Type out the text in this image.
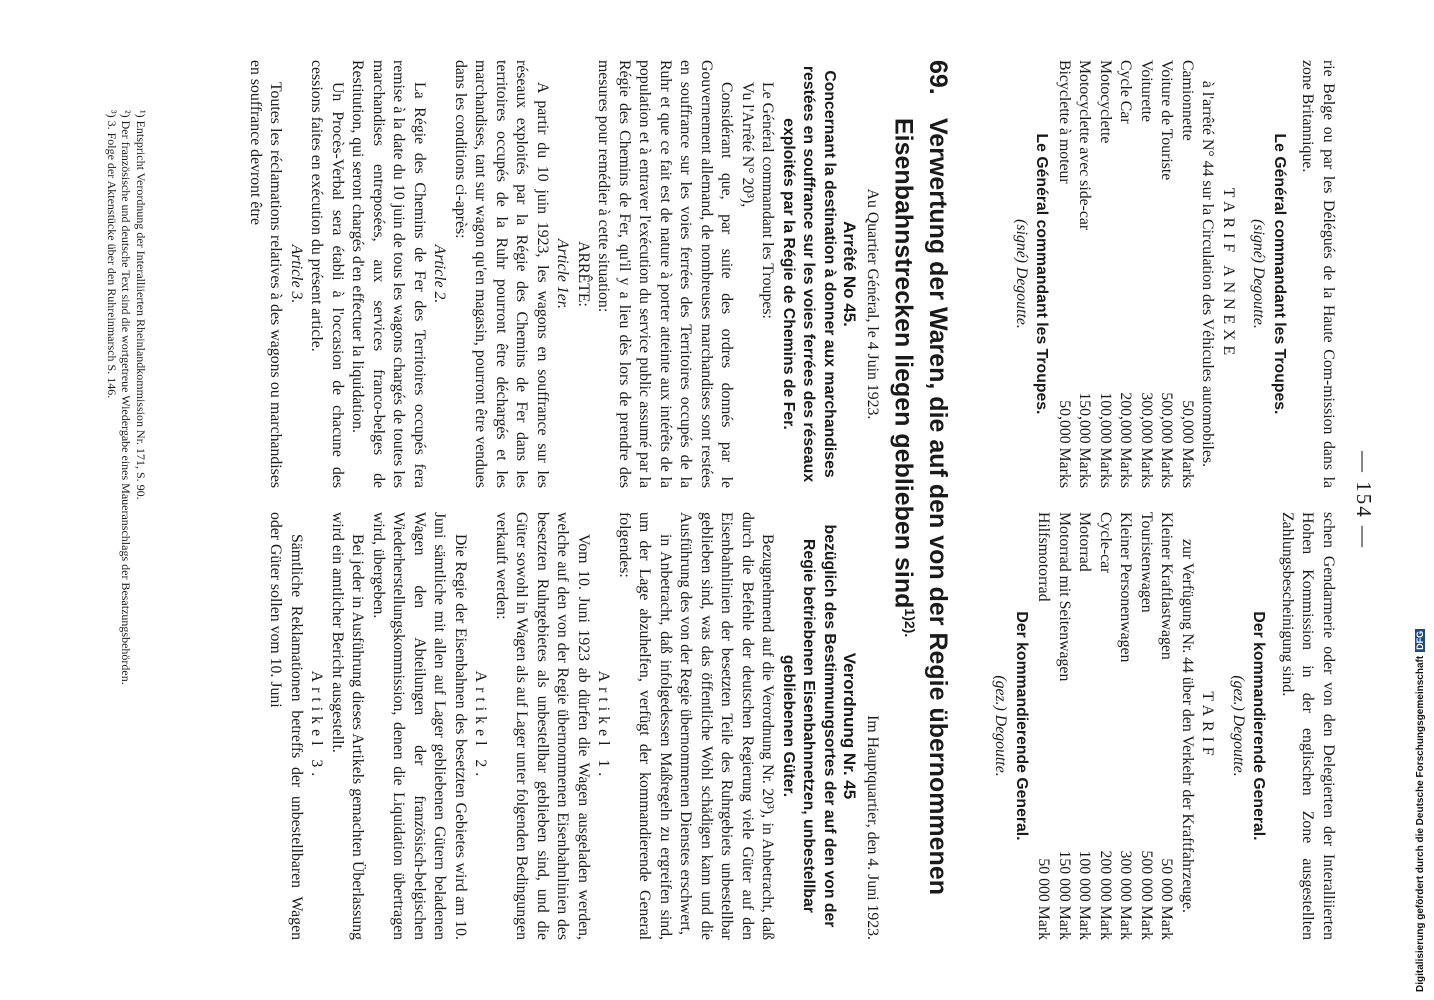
— 154 —

rie Belge ou par les Délégués de la Haute Com-mission dans la zone Britannique.

Le Général commandant les Troupes.

(signé) Degoutte.

TARIF ANNEXE

à l'arrêté N° 44 sur la Circulation des Véhicules automobiles.

Camionnette
50,000 Marks
Voiture de Touriste
500,000 Marks
Voiturette
300,000 Marks
Cycle Car
200,000 Marks
Motocyclette
100,000 Marks
Motocyclette avec side-car
150,000 Marks
Bicyclette à moteur
50,000 Marks

Le Général commandant les Troupes.

(signé) Degoutte.

schen Gendarmerie oder von den Delegierten der Interalliierten Hohen Kommission in der englischen Zone ausgestellten Zahlungsbescheinigung sind.

Der kommandierende General.

(gez.) Degoutte.

TARIF

zur Verfügung Nr. 44 über den Verkehr der Kraftfahrzeuge.

Kleiner Kraftlastwagen
50 000 Mark
Touristenwagen
500 000 Mark
Kleiner Personenwagen
300 000 Mark
Cycle-car
200 000 Mark
Motorrad
100 000 Mark
Motorrad mit Seitenwagen
150 000 Mark
Hilfsmotorrad
50 000 Mark

Der kommandierende General.

(gez.) Degoutte.

69.
Verwertung der Waren, die auf den von der Regie übernommenen Eisenbahnstrecken liegen geblieben sind$^{1)2).}$

Au Quartier Général, le 4 Juin 1923.

Arrêté No 45.

Concernant la destination à donner aux marchandises restées en souffrance sur les voies ferrées des réseaux exploités par la Régie de Chemins de Fer.

Le Général commandant les Troupes:

Vu l'Arrêté N° 20³),

Considérant que, par suite des ordres donnés par le Gouvernement allemand, de nombreuses marchandises sont restées en souffrance sur les voies ferrées des Territoires occupés de la Ruhr et que ce fait est de nature à porter atteinte aux intérêts de la population et à entraver l'exécution du service public assumé par la Régie des Chemins de Fer, qu'il y a lieu dès lors de prendre des mesures pour remédier à cette situation:

ARRÊTE:

Article 1er.

A partir du 10 juin 1923, les wagons en souffrance sur les réseaux exploités par la Régie des Chemins de Fer dans les territoires occupés de la Ruhr pourront être déchargés et les marchandises, tant sur wagon qu'en magasin, pourront être vendues dans les conditions ci-après:

Article 2.

La Régie des Chemins de Fer des Territoires occupés fera remise à la date du 10 juin de tous les wagons chargés de toutes les marchandises entreposées, aux services franco-belges de Restitution, qui seront chargés d'en effectuer la liquidation.

Un Procès-Verbal sera établi à l'occasion de chacune des cessions faites en exécution du présent article.

Article 3.

Toutes les réclamations relatives à des wagons ou marchandises en souffrance devront être

Im Hauptquartier, den 4. Juni 1923.

Verordnung Nr. 45

bezüglich des Bestimmungsortes der auf den von der Regie betriebenen Eisenbahnnetzen, unbestellbar gebliebenen Güter.

Bezugnehmend auf die Verordnung Nr. 20³), in Anbetracht, daß durch die Befehle der deutschen Regierung viele Güter auf den Eisenbahnlinien der besetzten Teile des Ruhrgebiets unbestellbar geblieben sind, was das öffentliche Wohl schädigen kann und die Ausführung des von der Regie übernommenen Dienstes erschwert,

in Anbetracht, daß infolgedessen Maßregeln zu ergreifen sind, um der Lage abzuhelfen, verfügt der kommandierende General folgendes:

Artikel 1.

Vom 10. Juni 1923 ab dürfen die Wagen ausgeladen werden, welche auf den von der Regie übernommenen Eisenbahnlinien des besetzten Ruhrgebietes als unbestellbar geblieben sind, und die Güter sowohl in Wagen als auf Lager unter folgenden Bedingungen verkauft werden:

Artikel 2.

Die Regie der Eisenbahnen des besetzten Gebietes wird am 10. Juni sämtliche mit allen auf Lager gebliebenen Gütern beladenen Wagen den Abteilungen der französisch-belgischen Wiederherstellungskommission, denen die Liquidation übertragen wird, übergeben.

Bei jeder in Ausführung dieses Artikels gemachten Überlassung wird ein amtlicher Bericht ausgestellt.

Artikel 3.

Sämtliche Reklamationen betreffs der unbestellbaren Wagen oder Güter sollen vom 10. Juni

¹) Entspricht Verordnung der Interalliierten Rheinlandkommission Nr. 171, S. 90.
²) Der französische und deutsche Text sind die wortgetreue Wiedergabe eines Maueranschlags der Besatzungsbehörden.
³) 3. Folge der Aktenstücke über den Ruhreinmarsch S. 146.
Digitalisierung gefördert durch die Deutsche ForschungsgemeinschaftDFG
